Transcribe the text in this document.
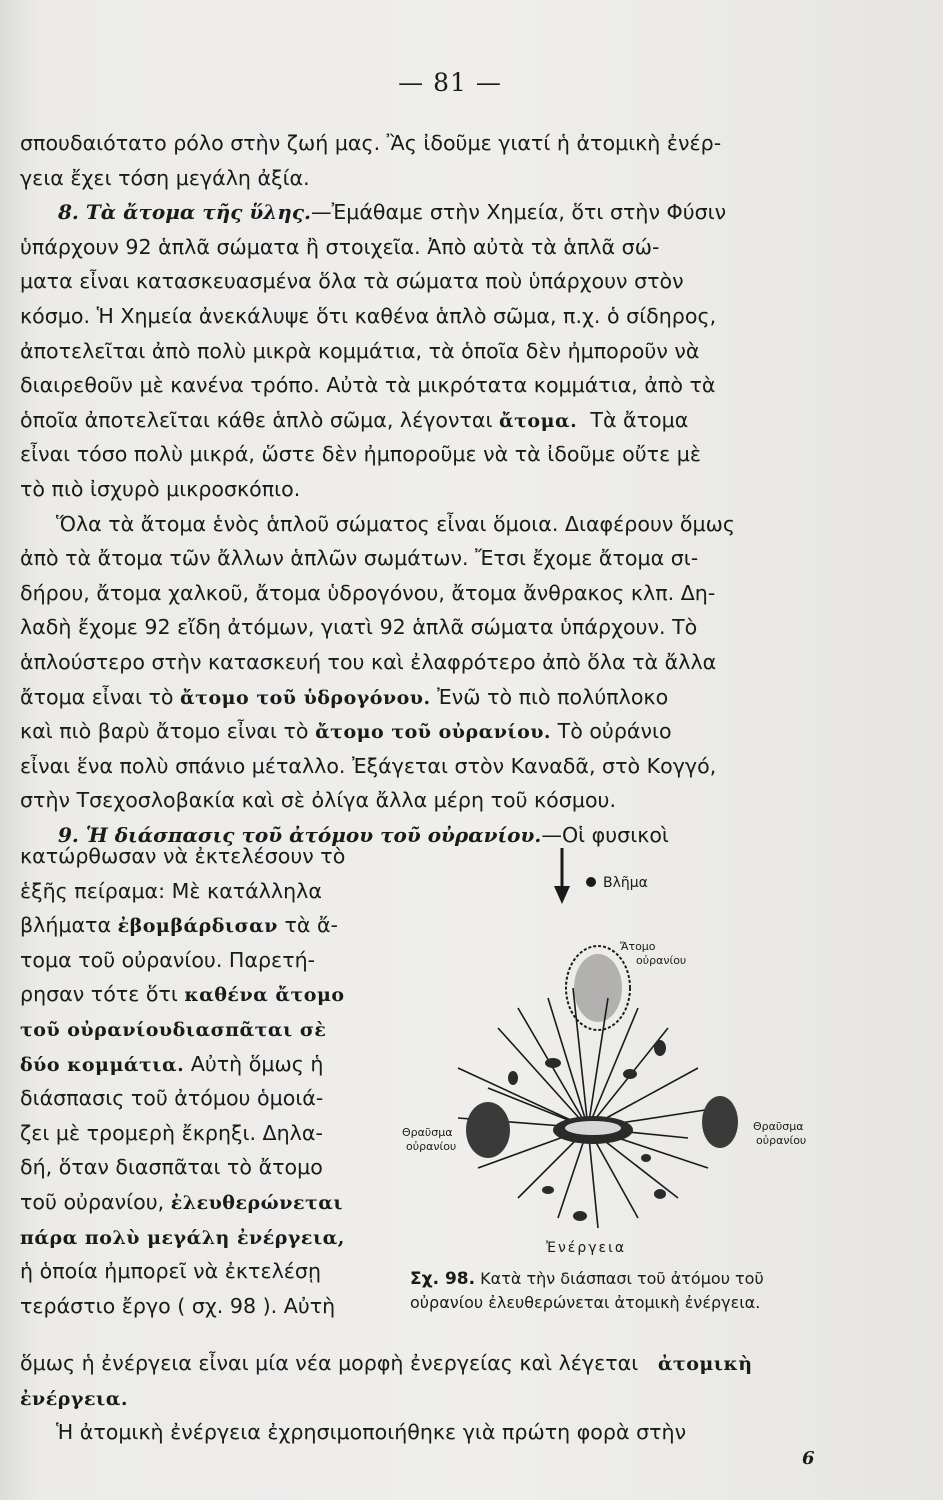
— 81 —
σπουδαιότατο ρόλο στὴν ζωή μας. Ἂς ἰδοῦμε γιατί ἡ ἀτομικὴ ἐνέρ-
γεια ἔχει τόση μεγάλη ἀξία.
8. Τὰ ἄτομα τῆς ὕλης.—Ἐμάθαμε στὴν Χημεία, ὅτι στὴν Φύσιν
ὑπάρχουν 92 ἁπλᾶ σώματα ἢ στοιχεῖα. Ἀπὸ αὐτὰ τὰ ἁπλᾶ σώ-
ματα εἶναι κατασκευασμένα ὅλα τὰ σώματα ποὺ ὑπάρχουν στὸν
κόσμο. Ἡ Χημεία ἀνεκάλυψε ὅτι καθένα ἁπλὸ σῶμα, π.χ. ὁ σίδηρος,
ἀποτελεῖται ἀπὸ πολὺ μικρὰ κομμάτια, τὰ ὁποῖα δὲν ἠμποροῦν νὰ
διαιρεθοῦν μὲ κανένα τρόπο. Αὐτὰ τὰ μικρότατα κομμάτια, ἀπὸ τὰ
ὁποῖα ἀποτελεῖται κάθε ἁπλὸ σῶμα, λέγονται ἄτομα. Τὰ ἄτομα
εἶναι τόσο πολὺ μικρά, ὥστε δὲν ἠμποροῦμε νὰ τὰ ἰδοῦμε οὔτε μὲ
τὸ πιὸ ἰσχυρὸ μικροσκόπιο.
Ὅλα τὰ ἄτομα ἑνὸς ἁπλοῦ σώματος εἶναι ὅμοια. Διαφέρουν ὅμως
ἀπὸ τὰ ἄτομα τῶν ἄλλων ἁπλῶν σωμάτων. Ἔτσι ἔχομε ἄτομα σι-
δήρου, ἄτομα χαλκοῦ, ἄτομα ὑδρογόνου, ἄτομα ἄνθρακος κλπ. Δη-
λαδὴ ἔχομε 92 εἴδη ἀτόμων, γιατὶ 92 ἁπλᾶ σώματα ὑπάρχουν. Τὸ
ἁπλούστερο στὴν κατασκευή του καὶ ἐλαφρότερο ἀπὸ ὅλα τὰ ἄλλα
ἄτομα εἶναι τὸ ἄτομο τοῦ ὑδρογόνου. Ἐνῶ τὸ πιὸ πολύπλοκο
καὶ πιὸ βαρὺ ἄτομο εἶναι τὸ ἄτομο τοῦ οὐρανίου. Τὸ οὐράνιο
εἶναι ἕνα πολὺ σπάνιο μέταλλο. Ἐξάγεται στὸν Καναδᾶ, στὸ Κογγό,
στὴν Τσεχοσλοβακία καὶ σὲ ὀλίγα ἄλλα μέρη τοῦ κόσμου.
9. Ἡ διάσπασις τοῦ ἀτόμου τοῦ οὐρανίου.—Οἱ φυσικοὶ
κατώρθωσαν νὰ ἐκτελέσουν τὸ
ἑξῆς πείραμα: Μὲ κατάλληλα
βλήματα ἐβομβάρδισαν τὰ ἄ-
τομα τοῦ οὐρανίου. Παρετή-
ρησαν τότε ὅτι καθένα ἄτομο
τοῦ οὐρανίουδιασπᾶται σὲ
δύο κομμάτια. Αὐτὴ ὅμως ἡ
διάσπασις τοῦ ἀτόμου ὁμοιά-
ζει μὲ τρομερὴ ἔκρηξι. Δηλα-
δή, ὅταν διασπᾶται τὸ ἄτομο
τοῦ οὐρανίου, ἐλευθερώνεται
πάρα πολὺ μεγάλη ἐνέργεια,
ἡ ὁποία ἠμπορεῖ νὰ ἐκτελέσῃ
τεράστιο ἔργο ( σχ. 98 ). Αὐτὴ
Βλῆμα
Ἄτομο
οὐρανίου
Θραῦσμα
οὐρανίου
Θραῦσμα
οὐρανίου
Ἐνέργεια
Σχ. 98. Κατὰ τὴν διάσπασι τοῦ ἀτόμου τοῦ
οὐρανίου ἐλευθερώνεται ἀτομικὴ ἐνέργεια.
ὅμως ἡ ἐνέργεια εἶναι μία νέα μορφὴ ἐνεργείας καὶ λέγεται ἀτομικὴ
ἐνέργεια.
Ἡ ἀτομικὴ ἐνέργεια ἐχρησιμοποιήθηκε γιὰ πρώτη φορὰ στὴν
6
